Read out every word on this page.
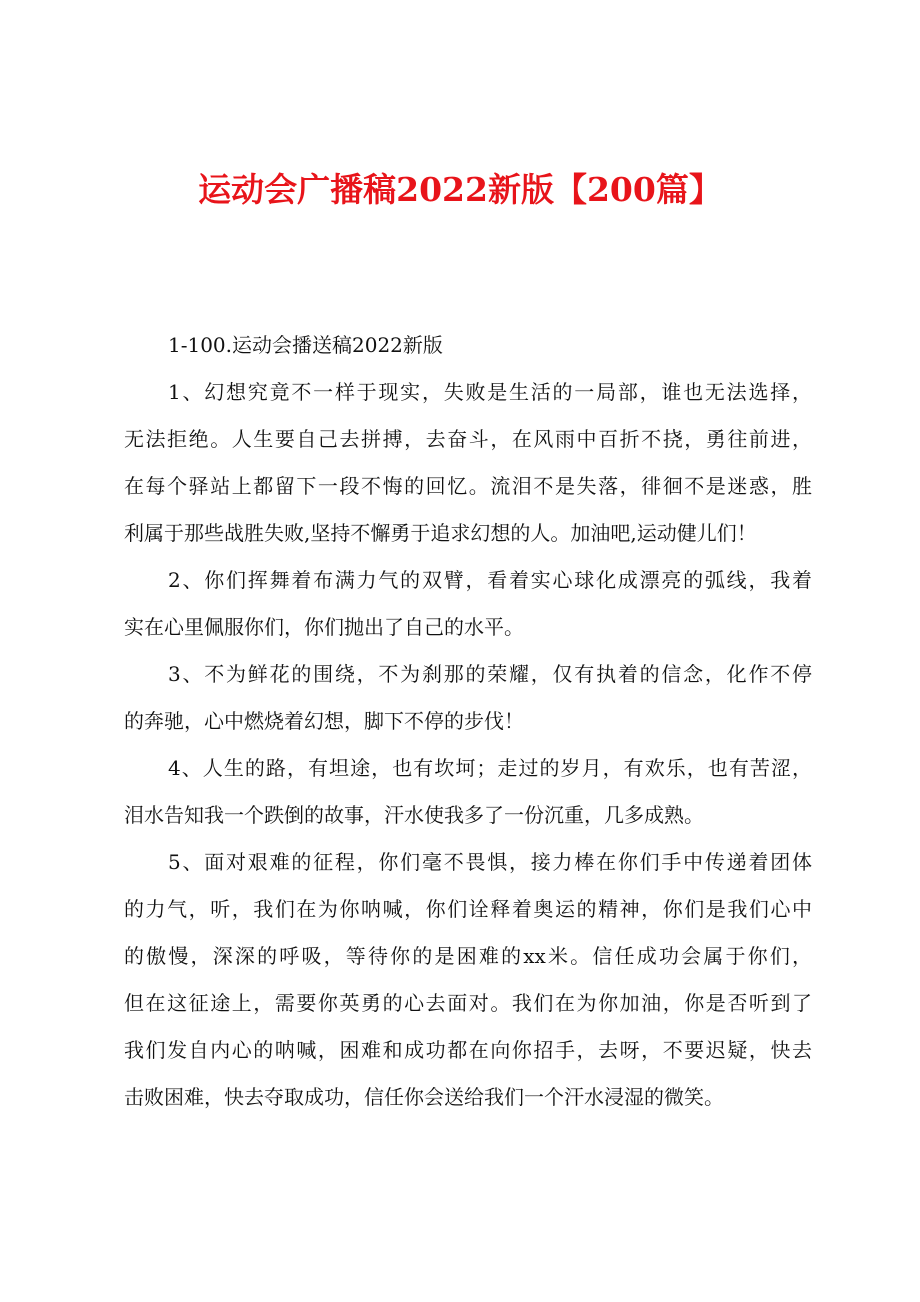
运动会广播稿2022新版【200篇】
1-100.运动会播送稿2022新版
1、幻想究竟不一样于现实，失败是生活的一局部，谁也无法选择，
无法拒绝。人生要自己去拼搏，去奋斗，在风雨中百折不挠，勇往前进，
在每个驿站上都留下一段不悔的回忆。流泪不是失落，徘徊不是迷惑，胜
利属于那些战胜失败,坚持不懈勇于追求幻想的人。加油吧,运动健儿们！
2、你们挥舞着布满力气的双臂，看着实心球化成漂亮的弧线，我着
实在心里佩服你们，你们抛出了自己的水平。
3、不为鲜花的围绕，不为刹那的荣耀，仅有执着的信念，化作不停
的奔驰，心中燃烧着幻想，脚下不停的步伐！
4、人生的路，有坦途，也有坎坷；走过的岁月，有欢乐，也有苦涩，
泪水告知我一个跌倒的故事，汗水使我多了一份沉重，几多成熟。
5、面对艰难的征程，你们毫不畏惧，接力棒在你们手中传递着团体
的力气，听，我们在为你呐喊，你们诠释着奥运的精神，你们是我们心中
的傲慢，深深的呼吸，等待你的是困难的xx米。信任成功会属于你们，
但在这征途上，需要你英勇的心去面对。我们在为你加油，你是否听到了
我们发自内心的呐喊，困难和成功都在向你招手，去呀，不要迟疑，快去
击败困难，快去夺取成功，信任你会送给我们一个汗水浸湿的微笑。
